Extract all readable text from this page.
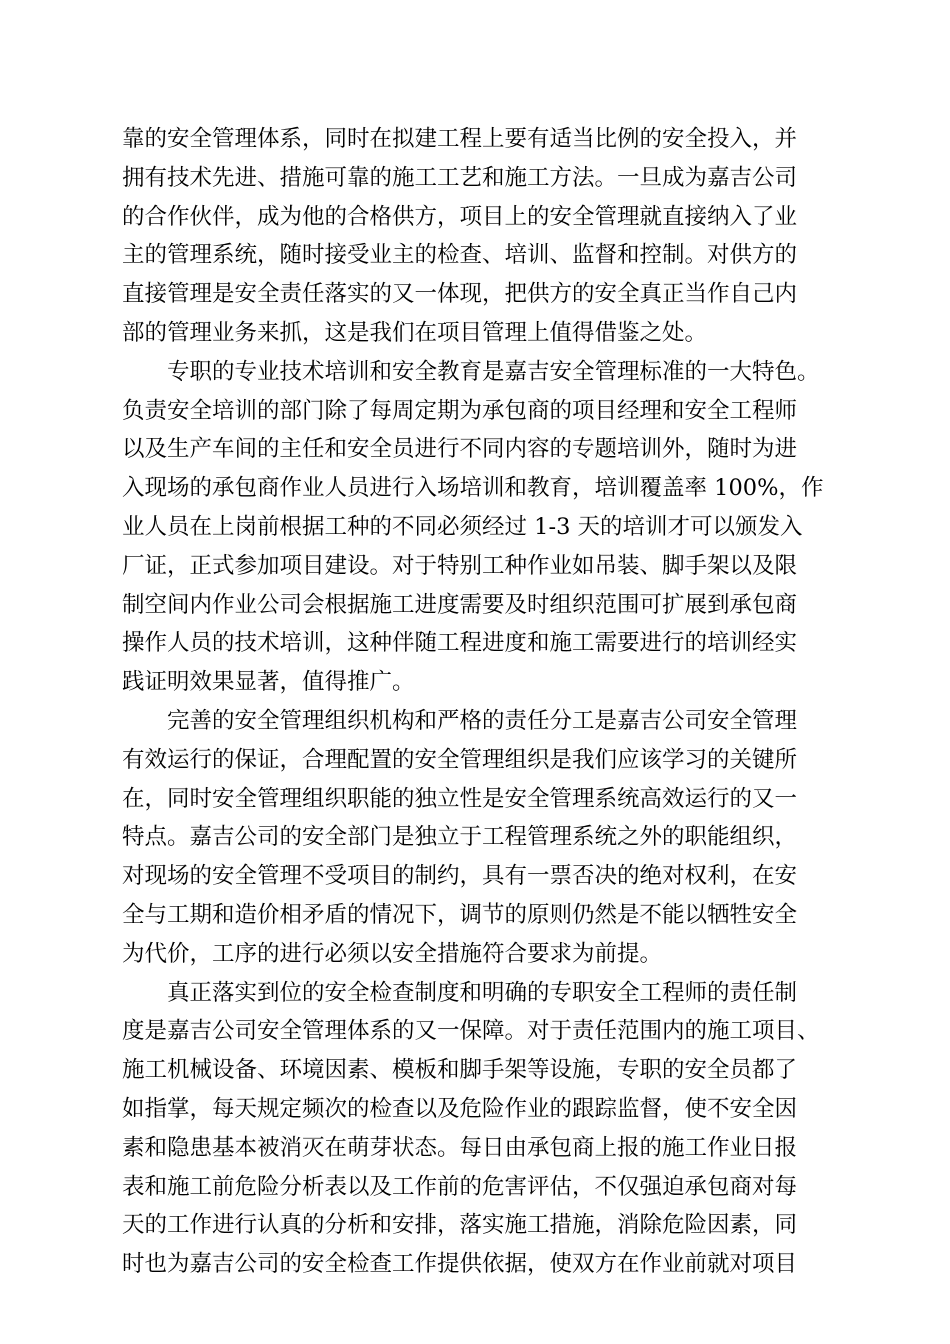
靠的安全管理体系，同时在拟建工程上要有适当比例的安全投入，并
拥有技术先进、措施可靠的施工工艺和施工方法。一旦成为嘉吉公司
的合作伙伴，成为他的合格供方，项目上的安全管理就直接纳入了业
主的管理系统，随时接受业主的检查、培训、监督和控制。对供方的
直接管理是安全责任落实的又一体现，把供方的安全真正当作自己内
部的管理业务来抓，这是我们在项目管理上值得借鉴之处。
专职的专业技术培训和安全教育是嘉吉安全管理标准的一大特色。
负责安全培训的部门除了每周定期为承包商的项目经理和安全工程师
以及生产车间的主任和安全员进行不同内容的专题培训外，随时为进
入现场的承包商作业人员进行入场培训和教育，培训覆盖率 100%，作
业人员在上岗前根据工种的不同必须经过 1-3 天的培训才可以颁发入
厂证，正式参加项目建设。对于特别工种作业如吊装、脚手架以及限
制空间内作业公司会根据施工进度需要及时组织范围可扩展到承包商
操作人员的技术培训，这种伴随工程进度和施工需要进行的培训经实
践证明效果显著，值得推广。
完善的安全管理组织机构和严格的责任分工是嘉吉公司安全管理
有效运行的保证，合理配置的安全管理组织是我们应该学习的关键所
在，同时安全管理组织职能的独立性是安全管理系统高效运行的又一
特点。嘉吉公司的安全部门是独立于工程管理系统之外的职能组织，
对现场的安全管理不受项目的制约，具有一票否决的绝对权利，在安
全与工期和造价相矛盾的情况下，调节的原则仍然是不能以牺牲安全
为代价，工序的进行必须以安全措施符合要求为前提。
真正落实到位的安全检查制度和明确的专职安全工程师的责任制
度是嘉吉公司安全管理体系的又一保障。对于责任范围内的施工项目、
施工机械设备、环境因素、模板和脚手架等设施，专职的安全员都了
如指掌，每天规定频次的检查以及危险作业的跟踪监督，使不安全因
素和隐患基本被消灭在萌芽状态。每日由承包商上报的施工作业日报
表和施工前危险分析表以及工作前的危害评估，不仅强迫承包商对每
天的工作进行认真的分析和安排，落实施工措施，消除危险因素，同
时也为嘉吉公司的安全检查工作提供依据，使双方在作业前就对项目
